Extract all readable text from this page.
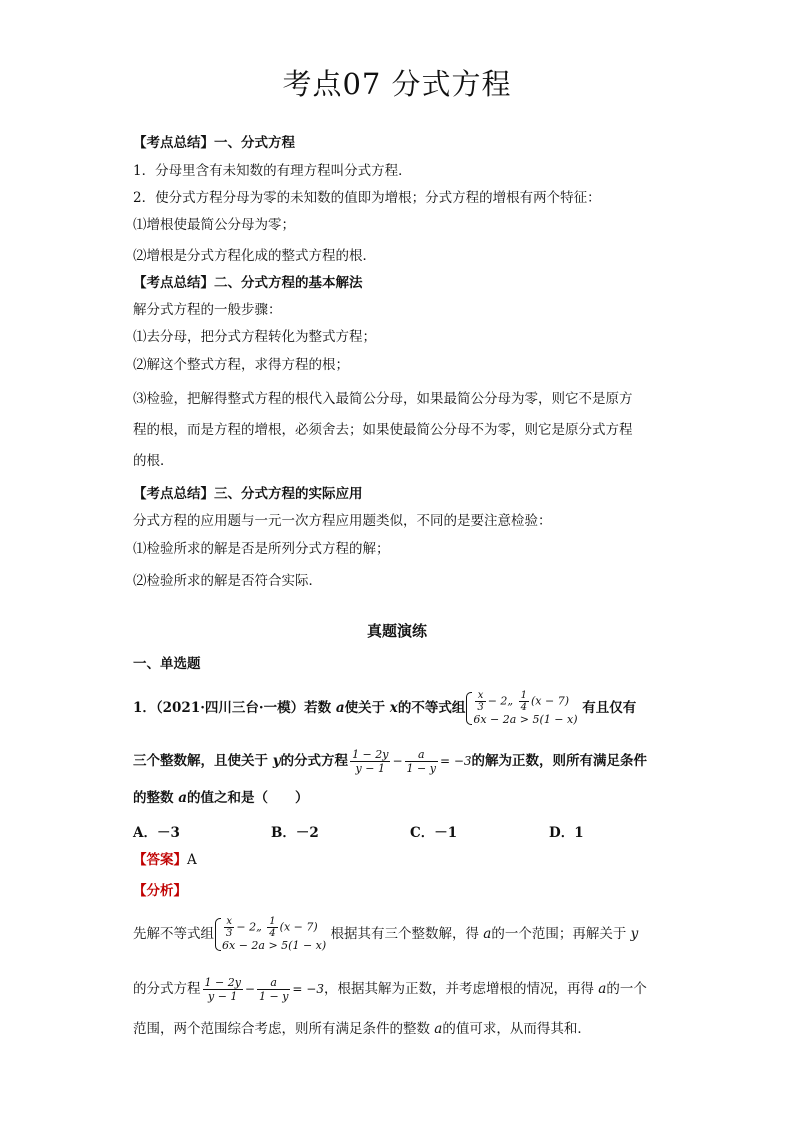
考点07 分式方程
【考点总结】一、分式方程
1．分母里含有未知数的有理方程叫分式方程．
2．使分式方程分母为零的未知数的值即为增根；分式方程的增根有两个特征：
⑴增根使最简公分母为零；
⑵增根是分式方程化成的整式方程的根．
【考点总结】二、分式方程的基本解法
解分式方程的一般步骤：
⑴去分母，把分式方程转化为整式方程；
⑵解这个整式方程，求得方程的根；
⑶检验，把解得整式方程的根代入最简公分母，如果最简公分母为零，则它不是原方
程的根，而是方程的增根，必须舍去；如果使最简公分母不为零，则它是原分式方程
的根．
【考点总结】三、分式方程的实际应用
分式方程的应用题与一元一次方程应用题类似，不同的是要注意检验：
⑴检验所求的解是否是所列分式方程的解；
⑵检验所求的解是否符合实际．
真题演练
一、单选题
1．（2021·四川三台·一模）若数 a使关于 x的不等式组 $\frac{x}{3}$ − 2„ $\frac{1}{4} (x - 7)$
6x − 2a > 5(1 − x)
有且仅有
三个整数解，且使关于 y的分式方程 $\frac{1 - 2y}{y - 1} - \frac{a}{1 - y} = -3$的解为正数，则所有满足条件
的整数 a的值之和是（　　）
A．－3	B．－2	C．－1	D．1
【答案】A
【分析】
先解不等式组 $\frac{x}{3}$ − 2„ $\frac{1}{4} (x - 7)$
6x − 2a > 5(1 − x)
根据其有三个整数解，得 a的一个范围；再解关于 y
的分式方程 $\frac{1 - 2y}{y - 1} - \frac{a}{1 - y} = -3$，根据其解为正数，并考虑增根的情况，再得 a的一个
范围，两个范围综合考虑，则所有满足条件的整数 a的值可求，从而得其和．
